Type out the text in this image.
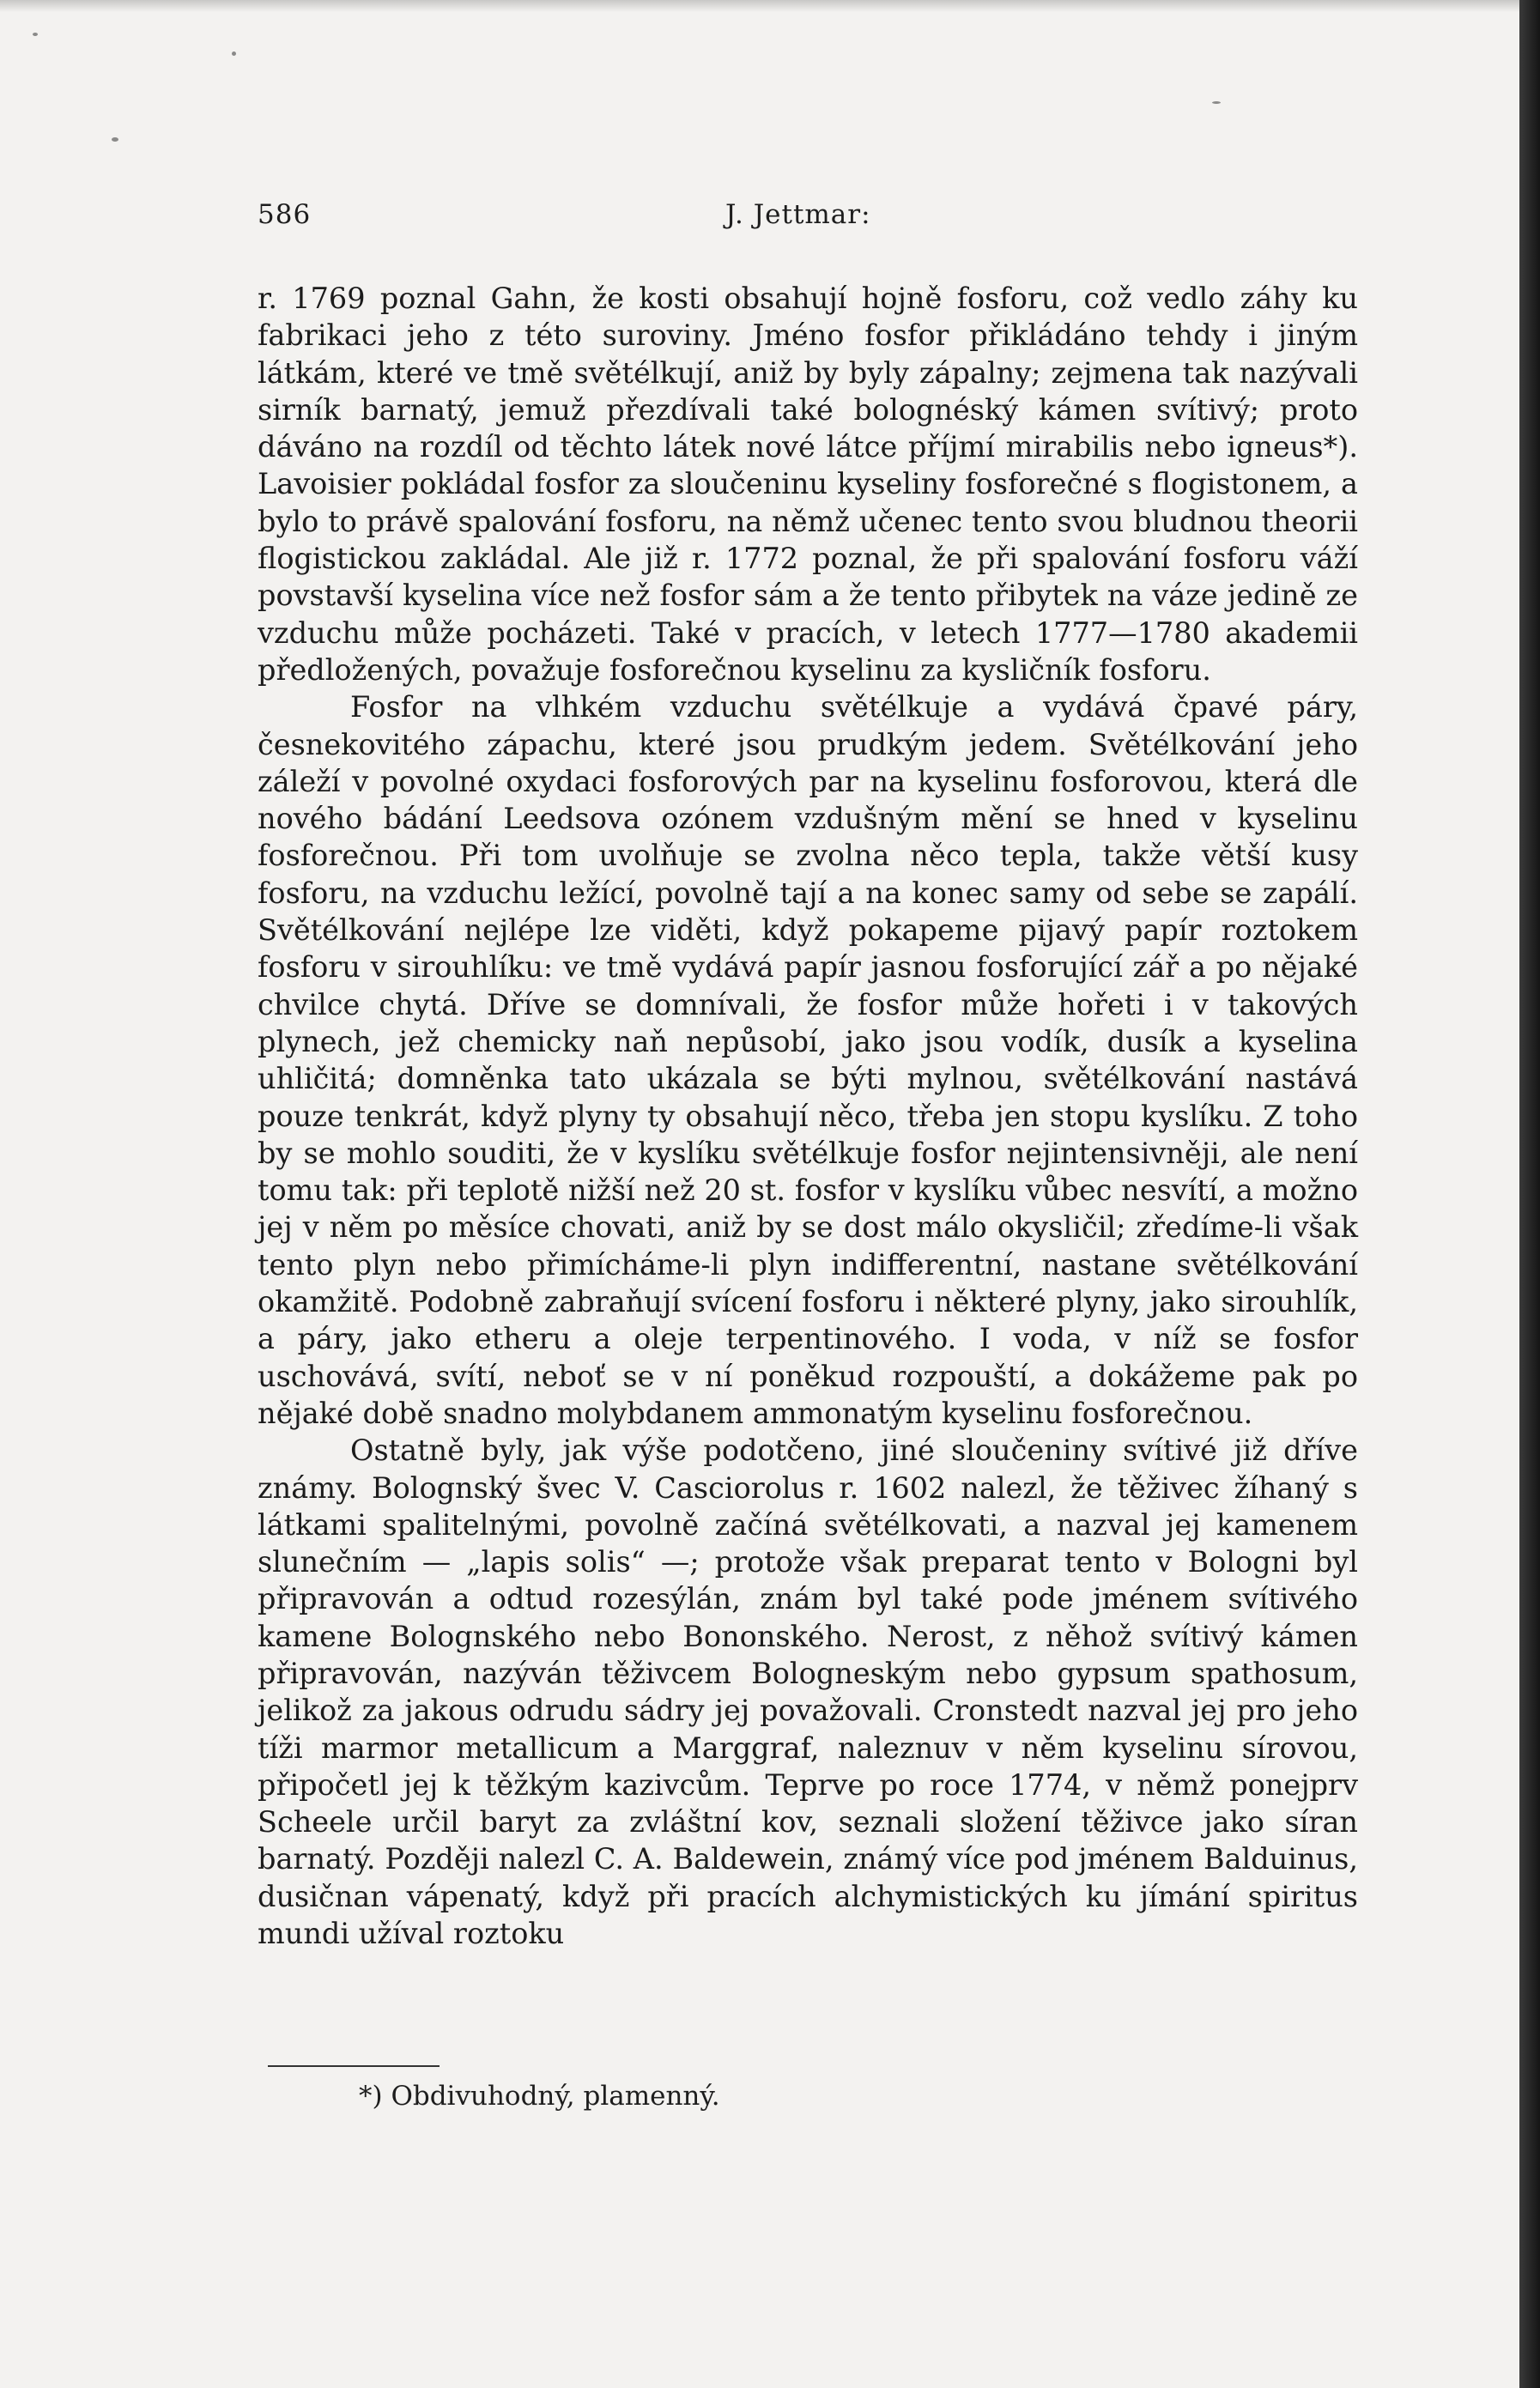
586	J. Jettmar:

r. 1769 poznal Gahn, že kosti obsahují hojně fosforu, což vedlo záhy ku fabrikaci jeho z této suroviny. Jméno fosfor přikládáno tehdy i jiným látkám, které ve tmě světélkují, aniž by byly zápalny; zejmena tak nazývali sirník barnatý, jemuž přezdívali také bolognéský kámen svítivý; proto dáváno na rozdíl od těchto látek nové látce příjmí mirabilis nebo igneus*). Lavoisier pokládal fosfor za sloučeninu kyseliny fosforečné s flogistonem, a bylo to právě spalování fosforu, na němž učenec tento svou bludnou theorii flogistickou zakládal. Ale již r. 1772 poznal, že při spalování fosforu váží povstavší kyselina více než fosfor sám a že tento přibytek na váze jedině ze vzduchu může pocházeti. Také v pracích, v letech 1777—1780 akademii předložených, považuje fosforečnou kyselinu za kysličník fosforu.

Fosfor na vlhkém vzduchu světélkuje a vydává čpavé páry, česnekovitého zápachu, které jsou prudkým jedem. Světélkování jeho záleží v povolné oxydaci fosforových par na kyselinu fosforovou, která dle nového bádání Leedsova ozónem vzdušným mění se hned v kyselinu fosforečnou. Při tom uvolňuje se zvolna něco tepla, takže větší kusy fosforu, na vzduchu ležící, povolně tají a na konec samy od sebe se zapálí. Světélkování nejlépe lze viděti, když pokapeme pijavý papír roztokem fosforu v sirouhlíku: ve tmě vydává papír jasnou fosforující zář a po nějaké chvilce chytá. Dříve se domnívali, že fosfor může hořeti i v takových plynech, jež chemicky naň nepůsobí, jako jsou vodík, dusík a kyselina uhličitá; domněnka tato ukázala se býti mylnou, světélkování nastává pouze tenkrát, když plyny ty obsahují něco, třeba jen stopu kyslíku. Z toho by se mohlo souditi, že v kyslíku světélkuje fosfor nejintensivněji, ale není tomu tak: při teplotě nižší než 20 st. fosfor v kyslíku vůbec nesvítí, a možno jej v něm po měsíce chovati, aniž by se dost málo okysličil; zředíme-li však tento plyn nebo přimícháme-li plyn indifferentní, nastane světélkování okamžitě. Podobně zabraňují svícení fosforu i některé plyny, jako sirouhlík, a páry, jako etheru a oleje terpentinového. I voda, v níž se fosfor uschovává, svítí, neboť se v ní poněkud rozpouští, a dokážeme pak po nějaké době snadno molybdanem ammonatým kyselinu fosforečnou.

Ostatně byly, jak výše podotčeno, jiné sloučeniny svítivé již dříve známy. Bolognský švec V. Casciorolus r. 1602 nalezl, že těživec žíhaný s látkami spalitelnými, povolně začíná světélkovati, a nazval jej kamenem slunečním — „lapis solis“ —; protože však preparat tento v Bologni byl připravován a odtud rozesýlán, znám byl také pode jménem svítivého kamene Bolognského nebo Bononského. Nerost, z něhož svítivý kámen připravován, nazýván těživcem Bologneským nebo gypsum spathosum, jelikož za jakous odrudu sádry jej považovali. Cronstedt nazval jej pro jeho tíži marmor metallicum a Marggraf, naleznuv v něm kyselinu sírovou, připočetl jej k těžkým kazivcům. Teprve po roce 1774, v němž ponejprv Scheele určil baryt za zvláštní kov, seznali složení těživce jako síran barnatý. Později nalezl C. A. Baldewein, známý více pod jménem Balduinus, dusičnan vápenatý, když při pracích alchymistických ku jímání spiritus mundi užíval roztoku

*) Obdivuhodný, plamenný.
